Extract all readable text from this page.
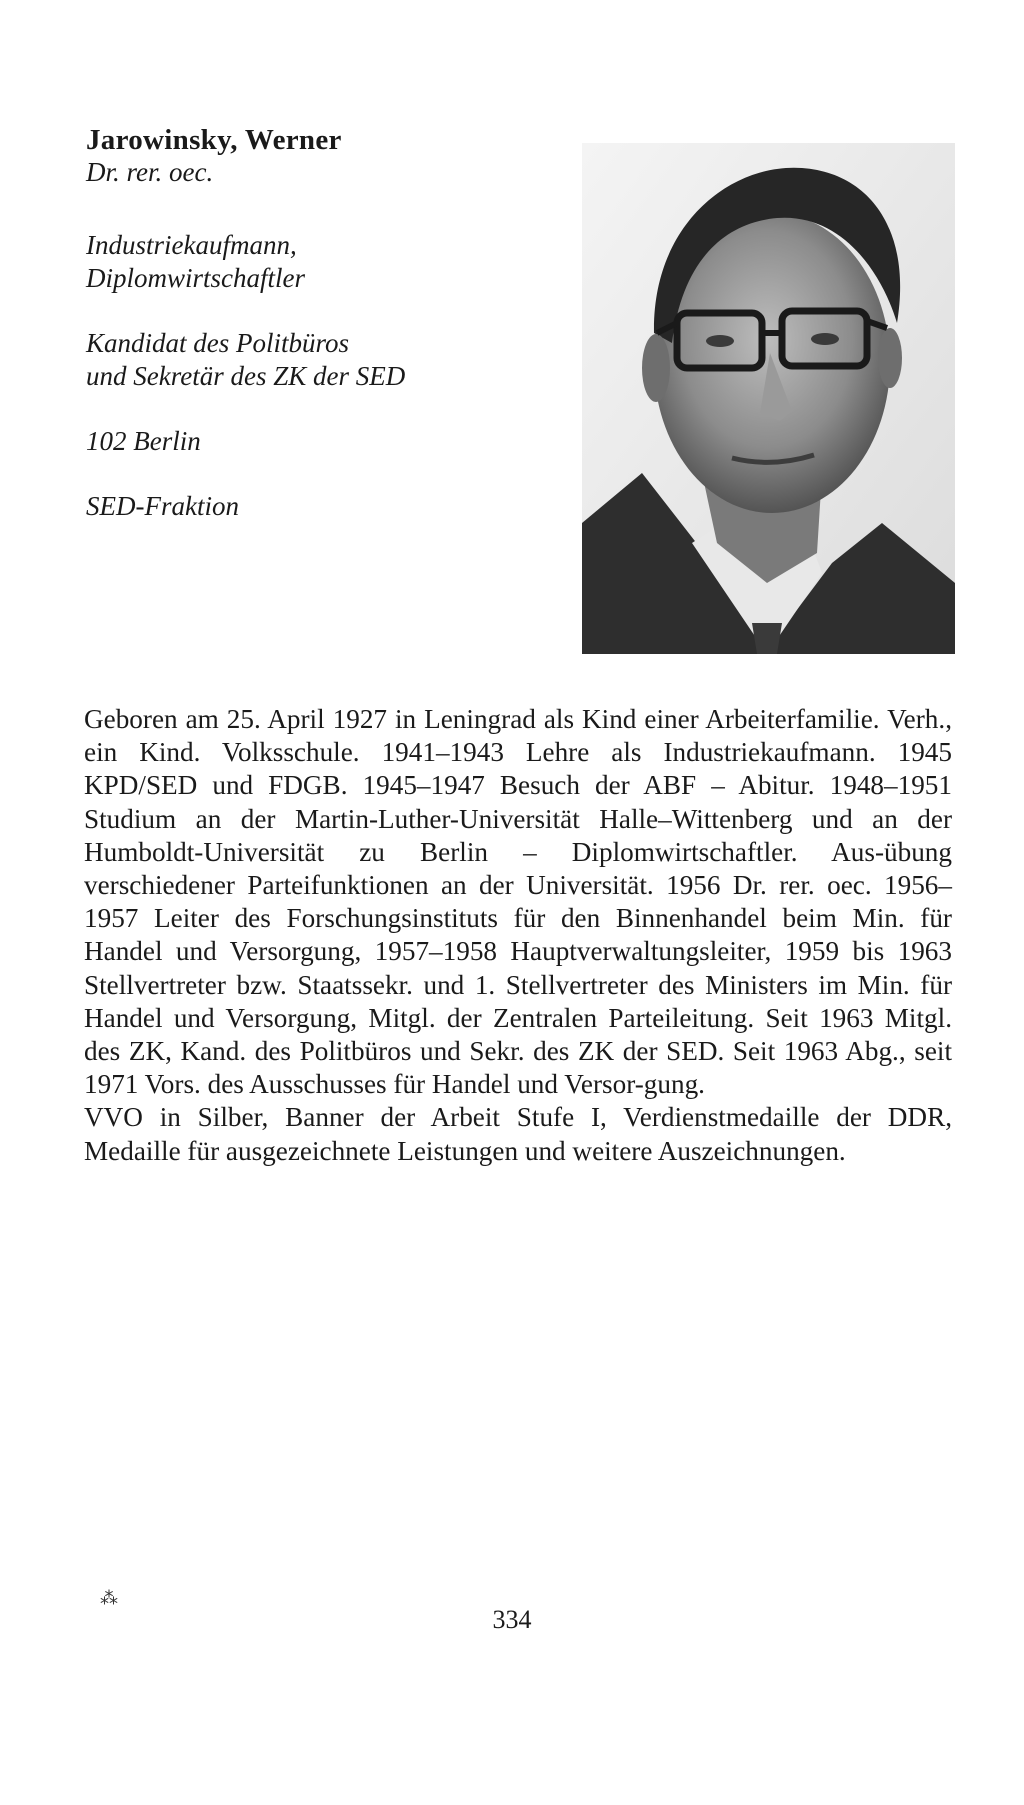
Jarowinsky, Werner

Dr. rer. oec.
Industriekaufmann,
Diplomwirtschaftler
Kandidat des Politbüros
und Sekretär des ZK der SED
102 Berlin
SED-Fraktion

Geboren am 25. April 1927 in Leningrad als Kind einer Arbeiterfamilie. Verh., ein Kind. Volksschule. 1941–1943 Lehre als Industriekaufmann. 1945 KPD/SED und FDGB. 1945–1947 Besuch der ABF – Abitur. 1948–1951 Studium an der Martin-Luther-Universität Halle–Wittenberg und an der Humboldt-Universität zu Berlin – Diplomwirtschaftler. Aus-übung verschiedener Parteifunktionen an der Universität. 1956 Dr. rer. oec. 1956–1957 Leiter des Forschungsinstituts für den Binnenhandel beim Min. für Handel und Versorgung, 1957–1958 Hauptverwaltungsleiter, 1959 bis 1963 Stellvertreter bzw. Staatssekr. und 1. Stellvertreter des Ministers im Min. für Handel und Versorgung, Mitgl. der Zentralen Parteileitung. Seit 1963 Mitgl. des ZK, Kand. des Politbüros und Sekr. des ZK der SED. Seit 1963 Abg., seit 1971 Vors. des Ausschusses für Handel und Versor-gung.

VVO in Silber, Banner der Arbeit Stufe I, Verdienstmedaille der DDR, Medaille für ausgezeichnete Leistungen und weitere Auszeichnungen.

⁂
334
